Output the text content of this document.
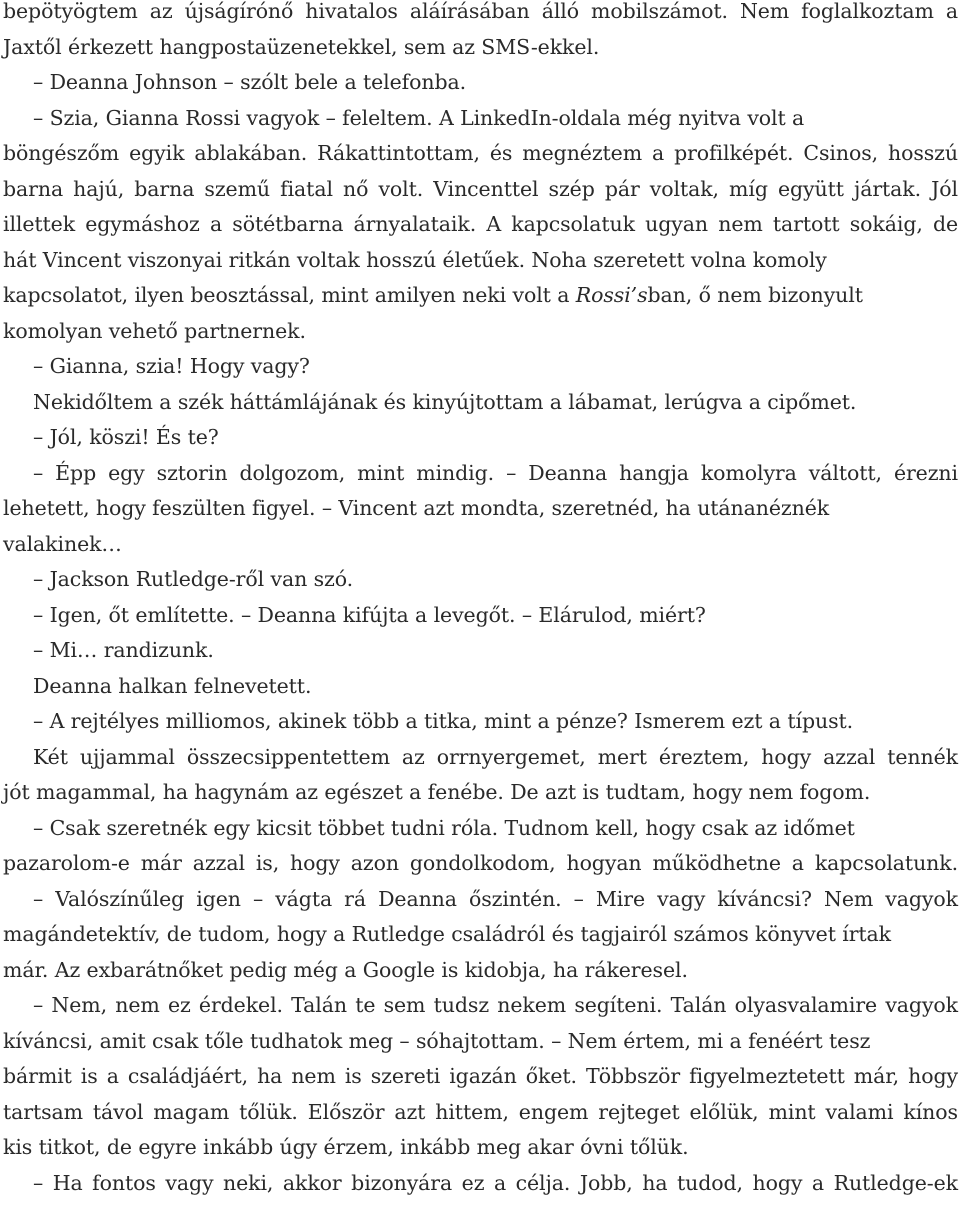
bepötyögtem az újságírónő hivatalos aláírásában álló mobilszámot. Nem foglalkoztam a
Jaxtől érkezett hangpostaüzenetekkel, sem az SMS-ekkel.
– Deanna Johnson – szólt bele a telefonba.
– Szia, Gianna Rossi vagyok – feleltem. A LinkedIn-oldala még nyitva volt a
böngészőm egyik ablakában. Rákattintottam, és megnéztem a profilképét. Csinos, hosszú
barna hajú, barna szemű fiatal nő volt. Vincenttel szép pár voltak, míg együtt jártak. Jól
illettek egymáshoz a sötétbarna árnyalataik. A kapcsolatuk ugyan nem tartott sokáig, de
hát Vincent viszonyai ritkán voltak hosszú életűek. Noha szeretett volna komoly
kapcsolatot, ilyen beosztással, mint amilyen neki volt a Rossi’sban, ő nem bizonyult
komolyan vehető partnernek.
– Gianna, szia! Hogy vagy?
Nekidőltem a szék háttámlájának és kinyújtottam a lábamat, lerúgva a cipőmet.
– Jól, köszi! És te?
– Épp egy sztorin dolgozom, mint mindig. – Deanna hangja komolyra váltott, érezni
lehetett, hogy feszülten figyel. – Vincent azt mondta, szeretnéd, ha utánanéznék
valakinek…
– Jackson Rutledge-ről van szó.
– Igen, őt említette. – Deanna kifújta a levegőt. – Elárulod, miért?
– Mi… randizunk.
Deanna halkan felnevetett.
– A rejtélyes milliomos, akinek több a titka, mint a pénze? Ismerem ezt a típust.
Két ujjammal összecsippentettem az orrnyergemet, mert éreztem, hogy azzal tennék
jót magammal, ha hagynám az egészet a fenébe. De azt is tudtam, hogy nem fogom.
– Csak szeretnék egy kicsit többet tudni róla. Tudnom kell, hogy csak az időmet
pazarolom-e már azzal is, hogy azon gondolkodom, hogyan működhetne a kapcsolatunk.
– Valószínűleg igen – vágta rá Deanna őszintén. – Mire vagy kíváncsi? Nem vagyok
magándetektív, de tudom, hogy a Rutledge családról és tagjairól számos könyvet írtak
már. Az exbarátnőket pedig még a Google is kidobja, ha rákeresel.
– Nem, nem ez érdekel. Talán te sem tudsz nekem segíteni. Talán olyasvalamire vagyok
kíváncsi, amit csak tőle tudhatok meg – sóhajtottam. – Nem értem, mi a fenéért tesz
bármit is a családjáért, ha nem is szereti igazán őket. Többször figyelmeztetett már, hogy
tartsam távol magam tőlük. Először azt hittem, engem rejteget előlük, mint valami kínos
kis titkot, de egyre inkább úgy érzem, inkább meg akar óvni tőlük.
– Ha fontos vagy neki, akkor bizonyára ez a célja. Jobb, ha tudod, hogy a Rutledge-ek
